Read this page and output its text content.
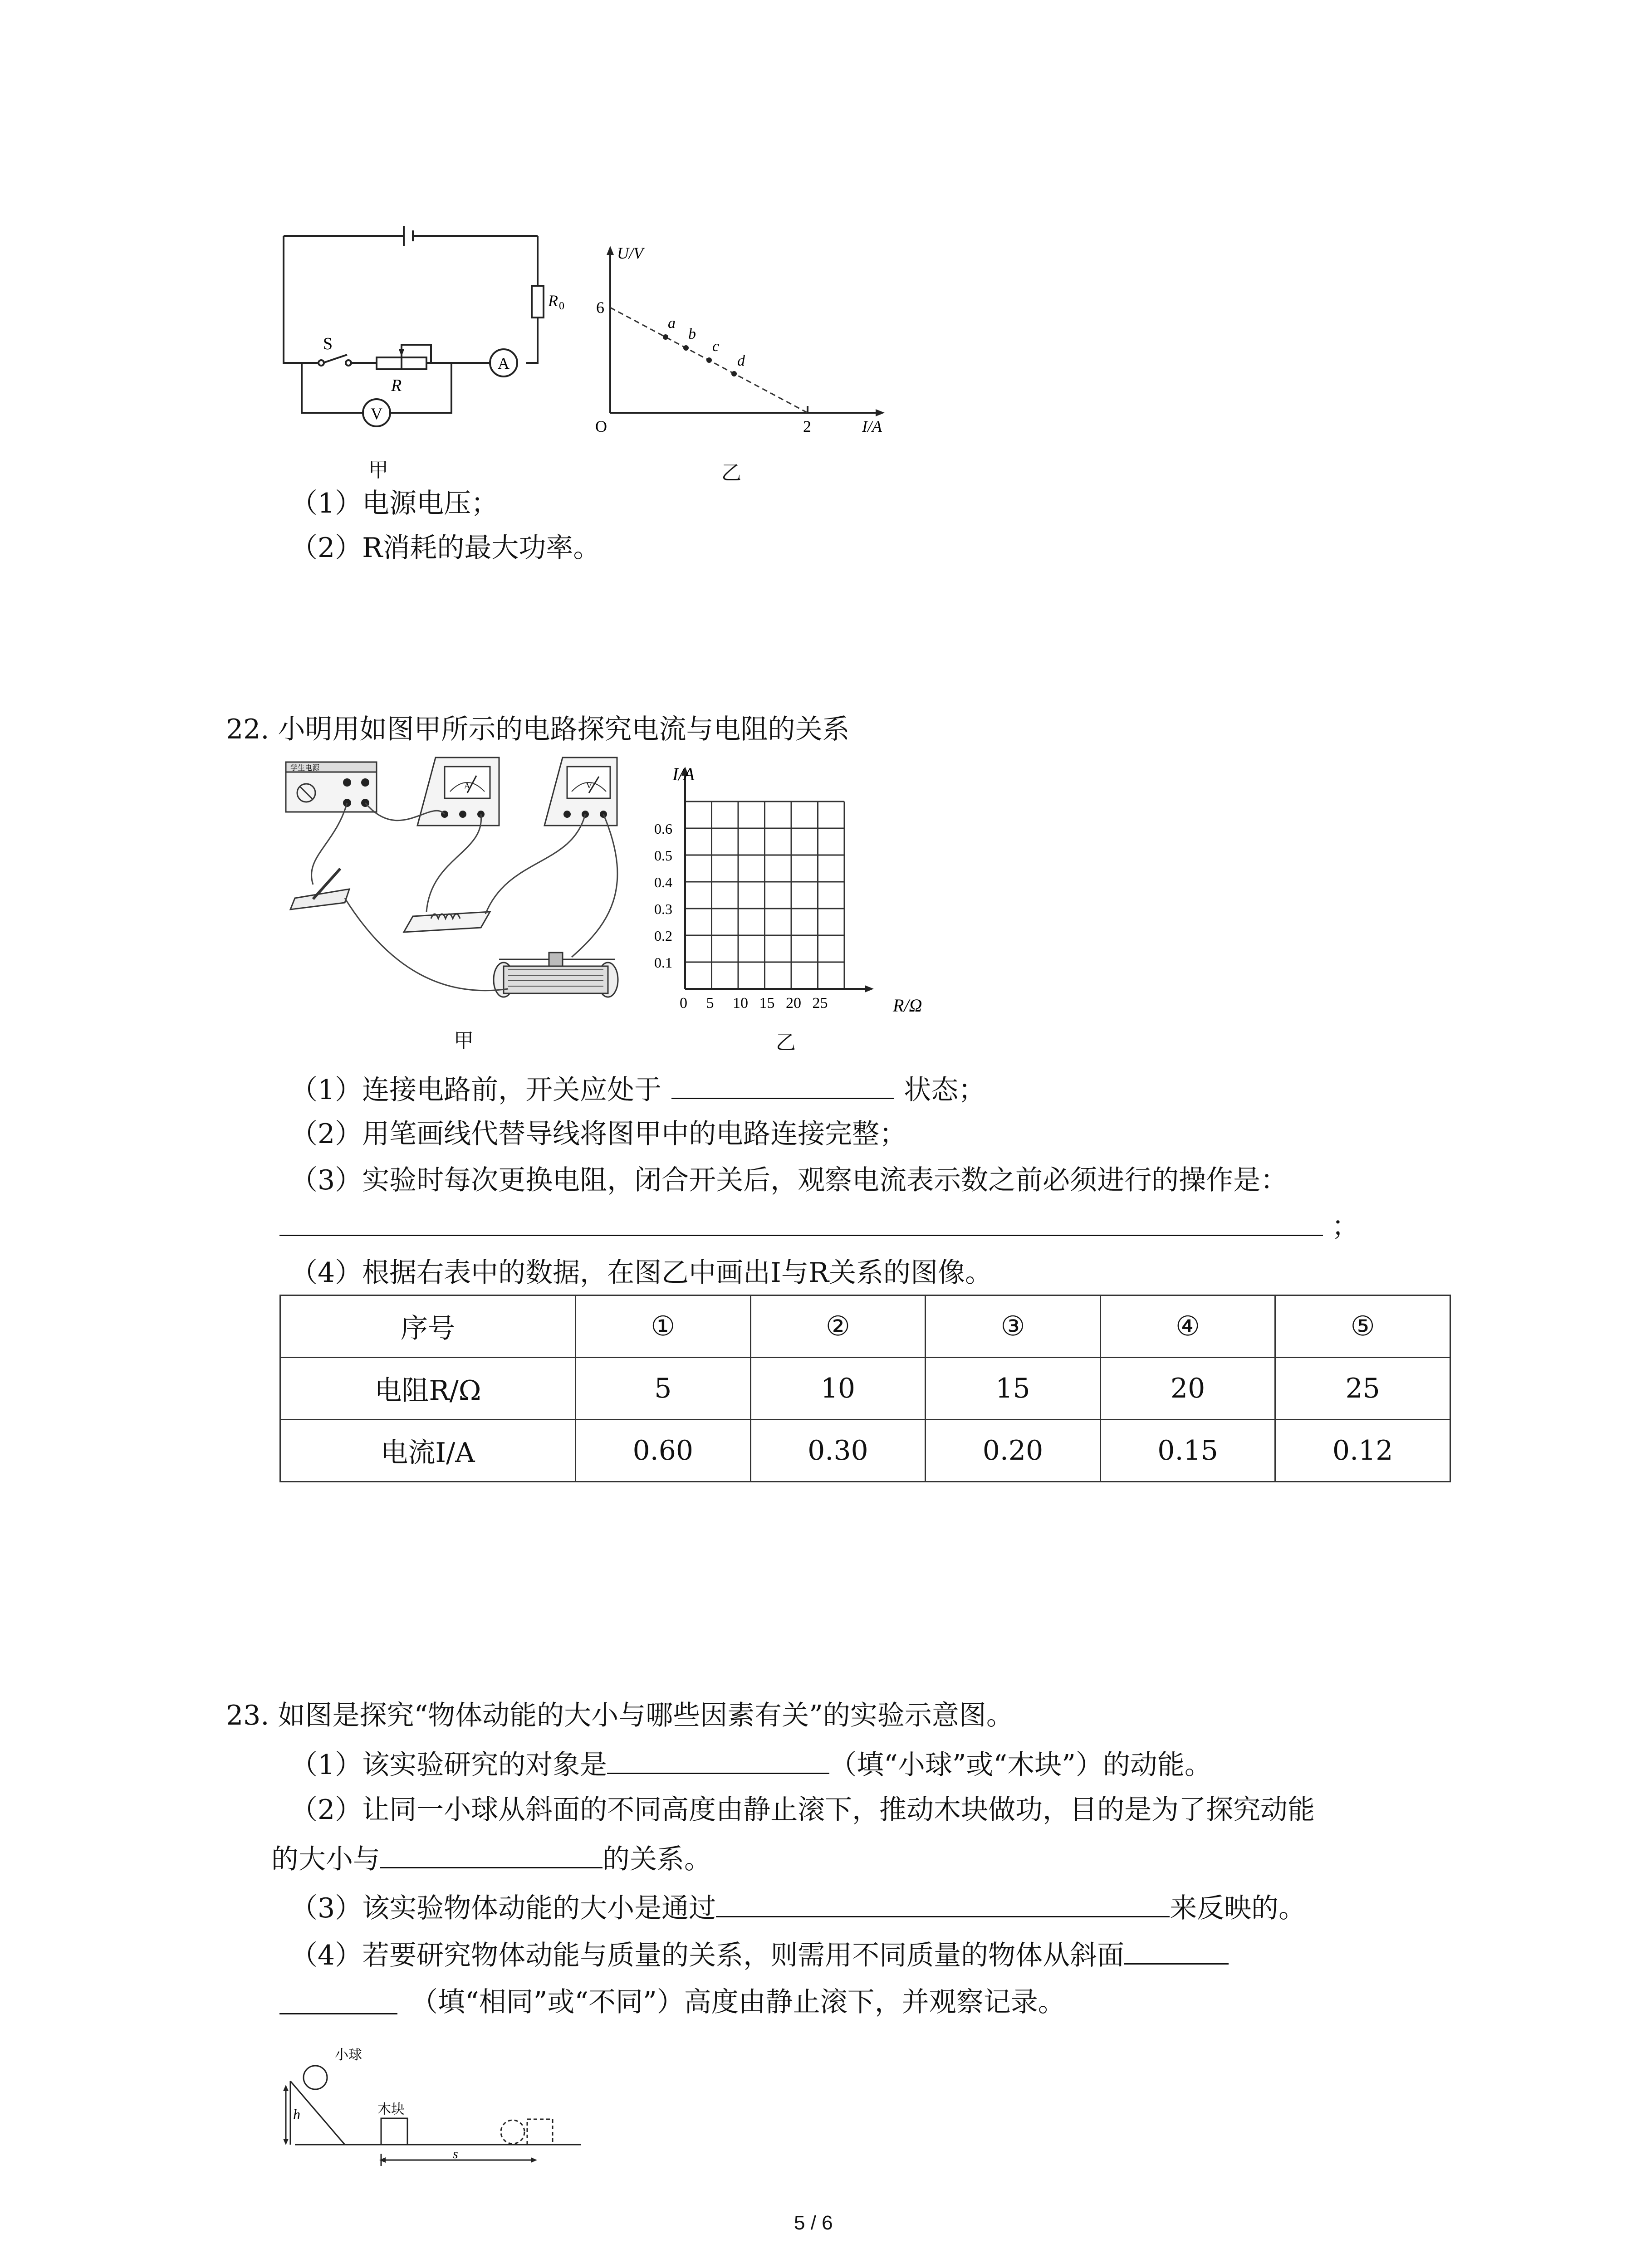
R 0
S
R
A
V
甲
a
b
c
d
U/V
6
O	2	I/A
乙
（1）电源电压；
（2）R消耗的最大功率。
22. 小明用如图甲所示的电路探究电流与电阻的关系
学生电源
A	V
甲
0 5 10 15 20 25
0.1
0.2
0.3
0.4
0.5
0.6
I/A
R/Ω
乙
（1）连接电路前，开关应处于	状态；
（2）用笔画线代替导线将图甲中的电路连接完整；
（3）实验时每次更换电阻，闭合开关后，观察电流表示数之前必须进行的操作是：
；
（4）根据右表中的数据，在图乙中画出I与R关系的图像。
序号	①	②	③	④	⑤
电阻R/Ω	5	10	15	20	25
电流I/A	0.60	0.30	0.20	0.15	0.12
23. 如图是探究“物体动能的大小与哪些因素有关”的实验示意图。
（1）该实验研究的对象是	（填“小球”或“木块”）的动能。
（2）让同一小球从斜面的不同高度由静止滚下，推动木块做功，目的是为了探究动能
的大小与	的关系。
（3）该实验物体动能的大小是通过	来反映的。
（4）若要研究物体动能与质量的关系，则需用不同质量的物体从斜面
（填“相同”或“不同”）高度由静止滚下，并观察记录。
小球
木块
h
s
5 / 6
